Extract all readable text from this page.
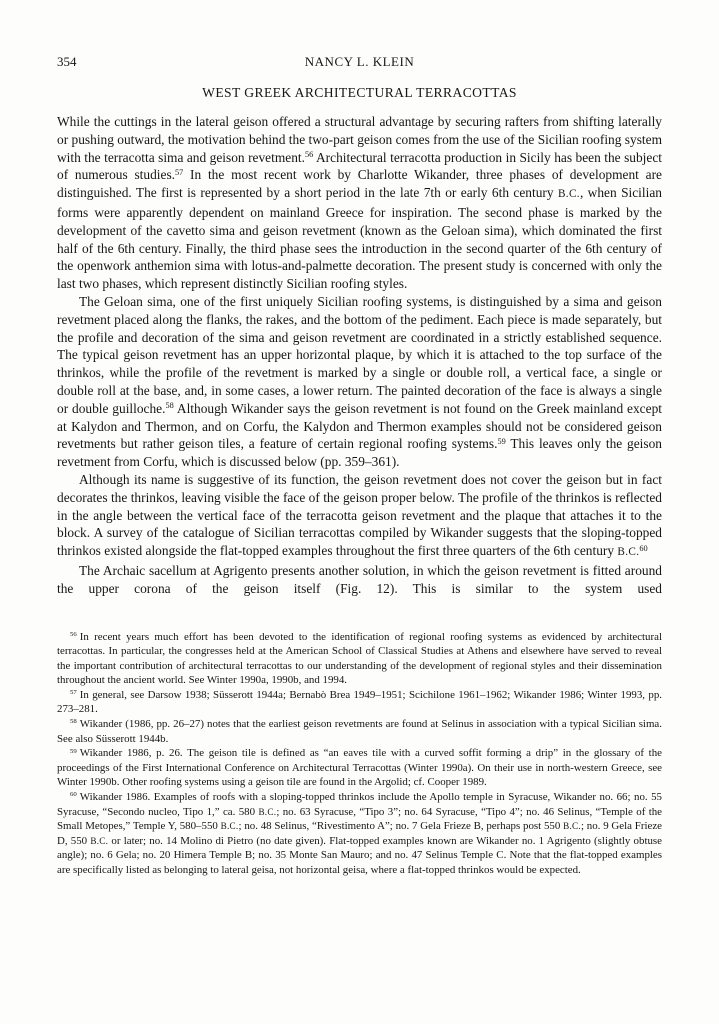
354	NANCY L. KLEIN
WEST GREEK ARCHITECTURAL TERRACOTTAS

While the cuttings in the lateral geison offered a structural advantage by securing rafters from shifting laterally or pushing outward, the motivation behind the two-part geison comes from the use of the Sicilian roofing system with the terracotta sima and geison revetment.$^{56}$ Architectural terracotta production in Sicily has been the subject of numerous studies.$^{57}$ In the most recent work by Charlotte Wikander, three phases of development are distinguished. The first is represented by a short period in the late 7th or early 6th century B.C., when Sicilian forms were apparently dependent on mainland Greece for inspiration. The second phase is marked by the development of the cavetto sima and geison revetment (known as the Geloan sima), which dominated the first half of the 6th century. Finally, the third phase sees the introduction in the second quarter of the 6th century of the openwork anthemion sima with lotus-and-palmette decoration. The present study is concerned with only the last two phases, which represent distinctly Sicilian roofing styles.

The Geloan sima, one of the first uniquely Sicilian roofing systems, is distinguished by a sima and geison revetment placed along the flanks, the rakes, and the bottom of the pediment. Each piece is made separately, but the profile and decoration of the sima and geison revetment are coordinated in a strictly established sequence. The typical geison revetment has an upper horizontal plaque, by which it is attached to the top surface of the thrinkos, while the profile of the revetment is marked by a single or double roll, a vertical face, a single or double roll at the base, and, in some cases, a lower return. The painted decoration of the face is always a single or double guilloche.$^{58}$ Although Wikander says the geison revetment is not found on the Greek mainland except at Kalydon and Thermon, and on Corfu, the Kalydon and Thermon examples should not be considered geison revetments but rather geison tiles, a feature of certain regional roofing systems.$^{59}$ This leaves only the geison revetment from Corfu, which is discussed below (pp. 359–361).

Although its name is suggestive of its function, the geison revetment does not cover the geison but in fact decorates the thrinkos, leaving visible the face of the geison proper below. The profile of the thrinkos is reflected in the angle between the vertical face of the terracotta geison revetment and the plaque that attaches it to the block. A survey of the catalogue of Sicilian terracottas compiled by Wikander suggests that the sloping-topped thrinkos existed alongside the flat-topped examples throughout the first three quarters of the 6th century B.C.$^{60}$

The Archaic sacellum at Agrigento presents another solution, in which the geison revetment is fitted around the upper corona of the geison itself (Fig. 12). This is similar to the system used

$^{56}$ In recent years much effort has been devoted to the identification of regional roofing systems as evidenced by architectural terracottas. In particular, the congresses held at the American School of Classical Studies at Athens and elsewhere have served to reveal the important contribution of architectural terracottas to our understanding of the development of regional styles and their dissemination throughout the ancient world. See Winter 1990a, 1990b, and 1994.

$^{57}$ In general, see Darsow 1938; Süsserott 1944a; Bernabò Brea 1949–1951; Scichilone 1961–1962; Wikander 1986; Winter 1993, pp. 273–281.

$^{58}$ Wikander (1986, pp. 26–27) notes that the earliest geison revetments are found at Selinus in association with a typical Sicilian sima. See also Süsserott 1944b.

$^{59}$ Wikander 1986, p. 26. The geison tile is defined as “an eaves tile with a curved soffit forming a drip” in the glossary of the proceedings of the First International Conference on Architectural Terracottas (Winter 1990a). On their use in north-western Greece, see Winter 1990b. Other roofing systems using a geison tile are found in the Argolid; cf. Cooper 1989.

$^{60}$ Wikander 1986. Examples of roofs with a sloping-topped thrinkos include the Apollo temple in Syracuse, Wikander no. 66; no. 55 Syracuse, “Secondo nucleo, Tipo 1,” ca. 580 B.C.; no. 63 Syracuse, “Tipo 3”; no. 64 Syracuse, “Tipo 4”; no. 46 Selinus, “Temple of the Small Metopes,” Temple Y, 580–550 B.C.; no. 48 Selinus, “Rivestimento A”; no. 7 Gela Frieze B, perhaps post 550 B.C.; no. 9 Gela Frieze D, 550 B.C. or later; no. 14 Molino di Pietro (no date given). Flat-topped examples known are Wikander no. 1 Agrigento (slightly obtuse angle); no. 6 Gela; no. 20 Himera Temple B; no. 35 Monte San Mauro; and no. 47 Selinus Temple C. Note that the flat-topped examples are specifically listed as belonging to lateral geisa, not horizontal geisa, where a flat-topped thrinkos would be expected.
